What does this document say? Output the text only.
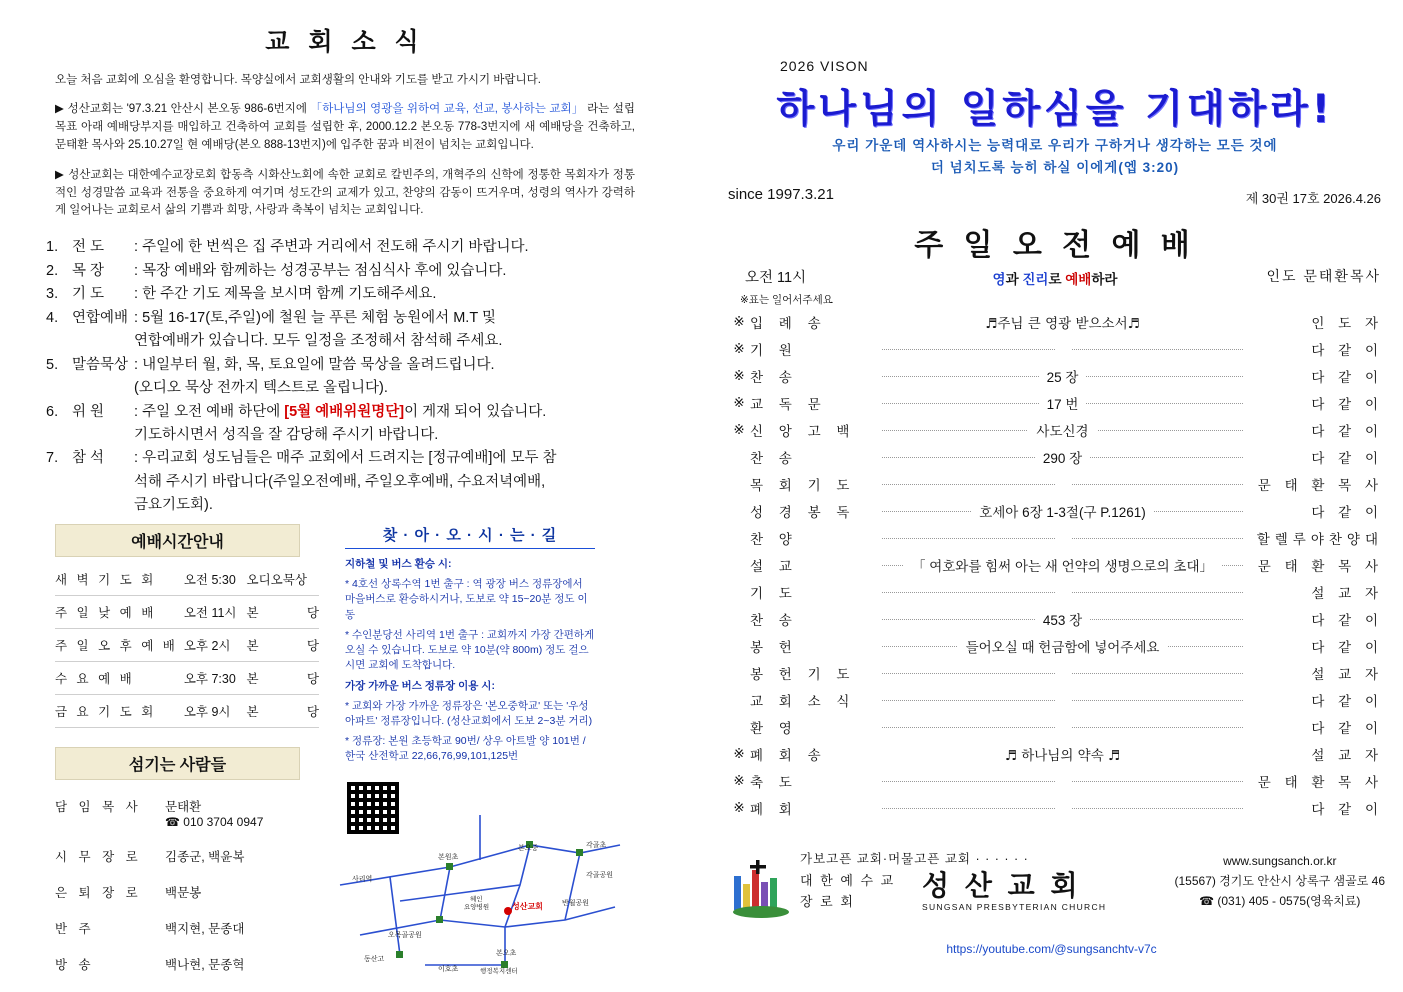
교 회 소 식
오늘 처음 교회에 오심을 환영합니다. 목양실에서 교회생활의 안내와 기도를 받고 가시기 바랍니다.
▶ 성산교회는 '97.3.21 안산시 본오동 986-6번지에 「하나님의 영광을 위하여 교육, 선교, 봉사하는 교회」 라는 설립 목표 아래 예배당부지를 매입하고 건축하여 교회를 설립한 후, 2000.12.2 본오동 778-3번지에 새 예배당을 건축하고, 문태환 목사와 25.10.27일 현 예배당(본오 888-13번지)에 입주한 꿈과 비전이 넘치는 교회입니다.
▶ 성산교회는 대한예수교장로회 합동측 시화산노회에 속한 교회로 칼빈주의, 개혁주의 신학에 정통한 목회자가 정통적인 성경말씀 교육과 전통을 중요하게 여기며 성도간의 교제가 있고, 찬양의 감동이 뜨거우며, 성령의 역사가 강력하게 일어나는 교회로서 삶의 기쁨과 희망, 사랑과 축복이 넘치는 교회입니다.
1. 전 도	: 주일에 한 번씩은 집 주변과 거리에서 전도해 주시기 바랍니다.
2. 목 장	: 목장 예배와 함께하는 성경공부는 점심식사 후에 있습니다.
3. 기 도	: 한 주간 기도 제목을 보시며 함께 기도해주세요.
4. 연합예배 : 5월 16-17(토,주일)에 철원 늘 푸른 체험 농원에서 M.T 및
연합예배가 있습니다. 모두 일정을 조정해서 참석해 주세요.
5. 말씀묵상 : 내일부터 월, 화, 목, 토요일에 말씀 묵상을 올려드립니다.
(오디오 묵상 전까지 텍스트로 올립니다).
6. 위 원	: 주일 오전 예배 하단에 [5월 예배위원명단]이 게재 되어 있습니다.
기도하시면서 성직을 잘 감당해 주시기 바랍니다.
7. 참 석	: 우리교회 성도님들은 매주 교회에서 드려지는 [정규예배]에 모두 참
석해 주시기 바랍니다(주일오전예배, 주일오후예배, 수요저녁예배,
금요기도회).
예배시간안내
새 벽 기 도 회	오전 5:30	오디오묵상	
주 일 낮 예 배	오전 11시	본	당
주 일 오 후 예 배	오후 2시	본	당
수 요 예 배	오후 7:30	본	당
금 요 기 도 회	오후 9시	본	당
섬기는 사람들
담 임 목 사	문태환
☎ 010 3704 0947

시 무 장 로	김종군, 백윤복
은 퇴 장 로	백문봉
반 주	백지현, 문종대
방 송	백나현, 문종혁
찾 · 아 · 오 · 시 · 는 · 길
지하철 및 버스 환승 시:
* 4호선 상록수역 1번 출구 : 역 광장 버스 정류장에서 마을버스로 환승하시거나, 도보로 약 15~20분 정도 이동
* 수인분당선 사리역 1번 출구 : 교회까지 가장 간편하게 오실 수 있습니다. 도보로 약 10분(약 800m) 정도 걸으시면 교회에 도착합니다.
가장 가까운 버스 정류장 이용 시:
* 교회와 가장 가까운 정류장은 '본오중학교' 또는 '우성아파트' 정류장입니다. (성산교회에서 도보 2~3분 거리)
* 정류장: 본원 초등학교 90번/ 상우 아트발 양 101번 / 한국 산전학교 22,66,76,99,101,125번
본오중	각골초
각골공원
반월공원
본원초
사리역
혜인
요양병원	성산교회
오목골공원
동산고
이호초
본오초
행정복지센터
2026 VISON
하나님의 일하심을 기대하라!
우리 가운데 역사하시는 능력대로 우리가 구하거나 생각하는 모든 것에
더 넘치도록 능히 하실 이에게(엡 3:20)
since 1997.3.21	제 30권 17호 2026.4.26
주 일 오 전 예 배
오전 11시	영과 진리로 예배하라	인도 문태환목사
※표는 일어서주세요
※	입 례 송	♬주님 큰 영광 받으소서♬	인 도 자
※	기 원		다 같 이
※	찬 송	25 장	다 같 이
※	교 독 문	17 번	다 같 이
※	신 앙 고 백	사도신경	다 같 이
	찬 송	290 장	다 같 이
	목 회 기 도		문 태 환 목 사
	성 경 봉 독	호세아 6장 1-3절(구 P.1261)	다 같 이
	찬 양		할렐루야찬양대
	설 교	「 여호와를 힘써 아는 새 언약의 생명으로의 초대」	문 태 환 목 사
	기 도		설 교 자
	찬 송	453 장	다 같 이
	봉 헌	들어오실 때 헌금함에 넣어주세요	다 같 이
	봉 헌 기 도		설 교 자
	교 회 소 식		다 같 이
	환 영		다 같 이
※	폐 회 송	♬ 하나님의 약속 ♬	설 교 자
※	축 도		문 태 환 목 사
※	폐 회		다 같 이
가보고픈 교회·머물고픈 교회 · · · · · ·
대 한 예 수 교
장 로 회
성 산 교 회
SUNGSAN PRESBYTERIAN CHURCH
www.sungsanch.or.kr
(15567) 경기도 안산시 상록구 샘골로 46
☎ (031) 405 - 0575(영육치료)
https://youtube.com/@sungsanchtv-v7c
